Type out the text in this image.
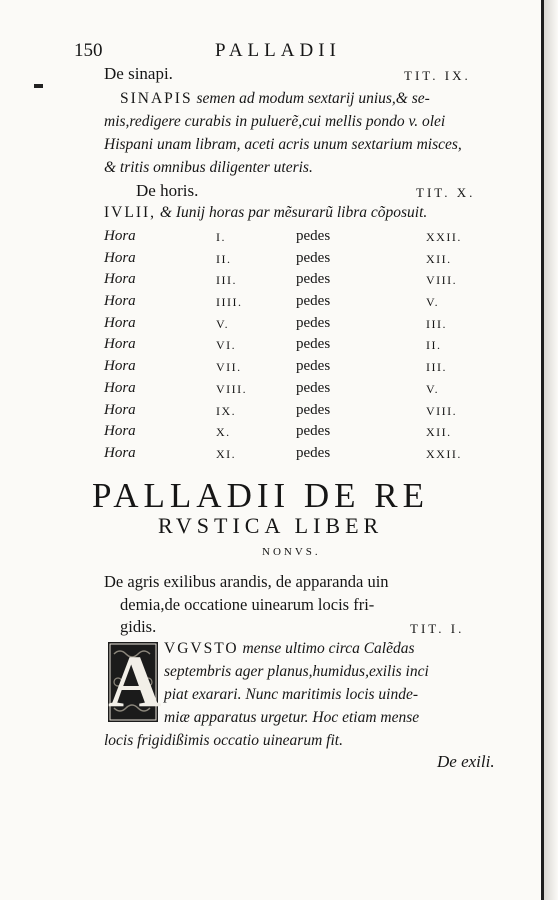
150	PALLADII
De sinapi.	TIT. IX.
SINAPIS semen ad modum sextarij unius,& se-
mis,redigere curabis in puluerẽ,cui mellis pondo v. olei
Hispani unam libram, aceti acris unum sextarium misces,
& tritis omnibus diligenter uteris.
De horis.	TIT. X.
IVLII, & Iunij horas par mẽsurarũ libra cõposuit.
Hora	I.	pedes	XXII.
Hora	II.	pedes	XII.
Hora	III.	pedes	VIII.
Hora	IIII.	pedes	V.
Hora	V.	pedes	III.
Hora	VI.	pedes	II.
Hora	VII.	pedes	III.
Hora	VIII.	pedes	V.
Hora	IX.	pedes	VIII.
Hora	X.	pedes	XII.
Hora	XI.	pedes	XXII.
PALLADII DE RE
RVSTICA LIBER
NONVS.
De agris exilibus arandis, de apparanda uin
demia,de occatione uinearum locis fri-
gidis.	TIT. I.
A VGVSTO mense ultimo circa Calẽdas
septembris ager planus,humidus,exilis inci
piat exarari. Nunc maritimis locis uinde-
miæ apparatus urgetur. Hoc etiam mense
locis frigidißimis occatio uinearum fit.
De exili.
